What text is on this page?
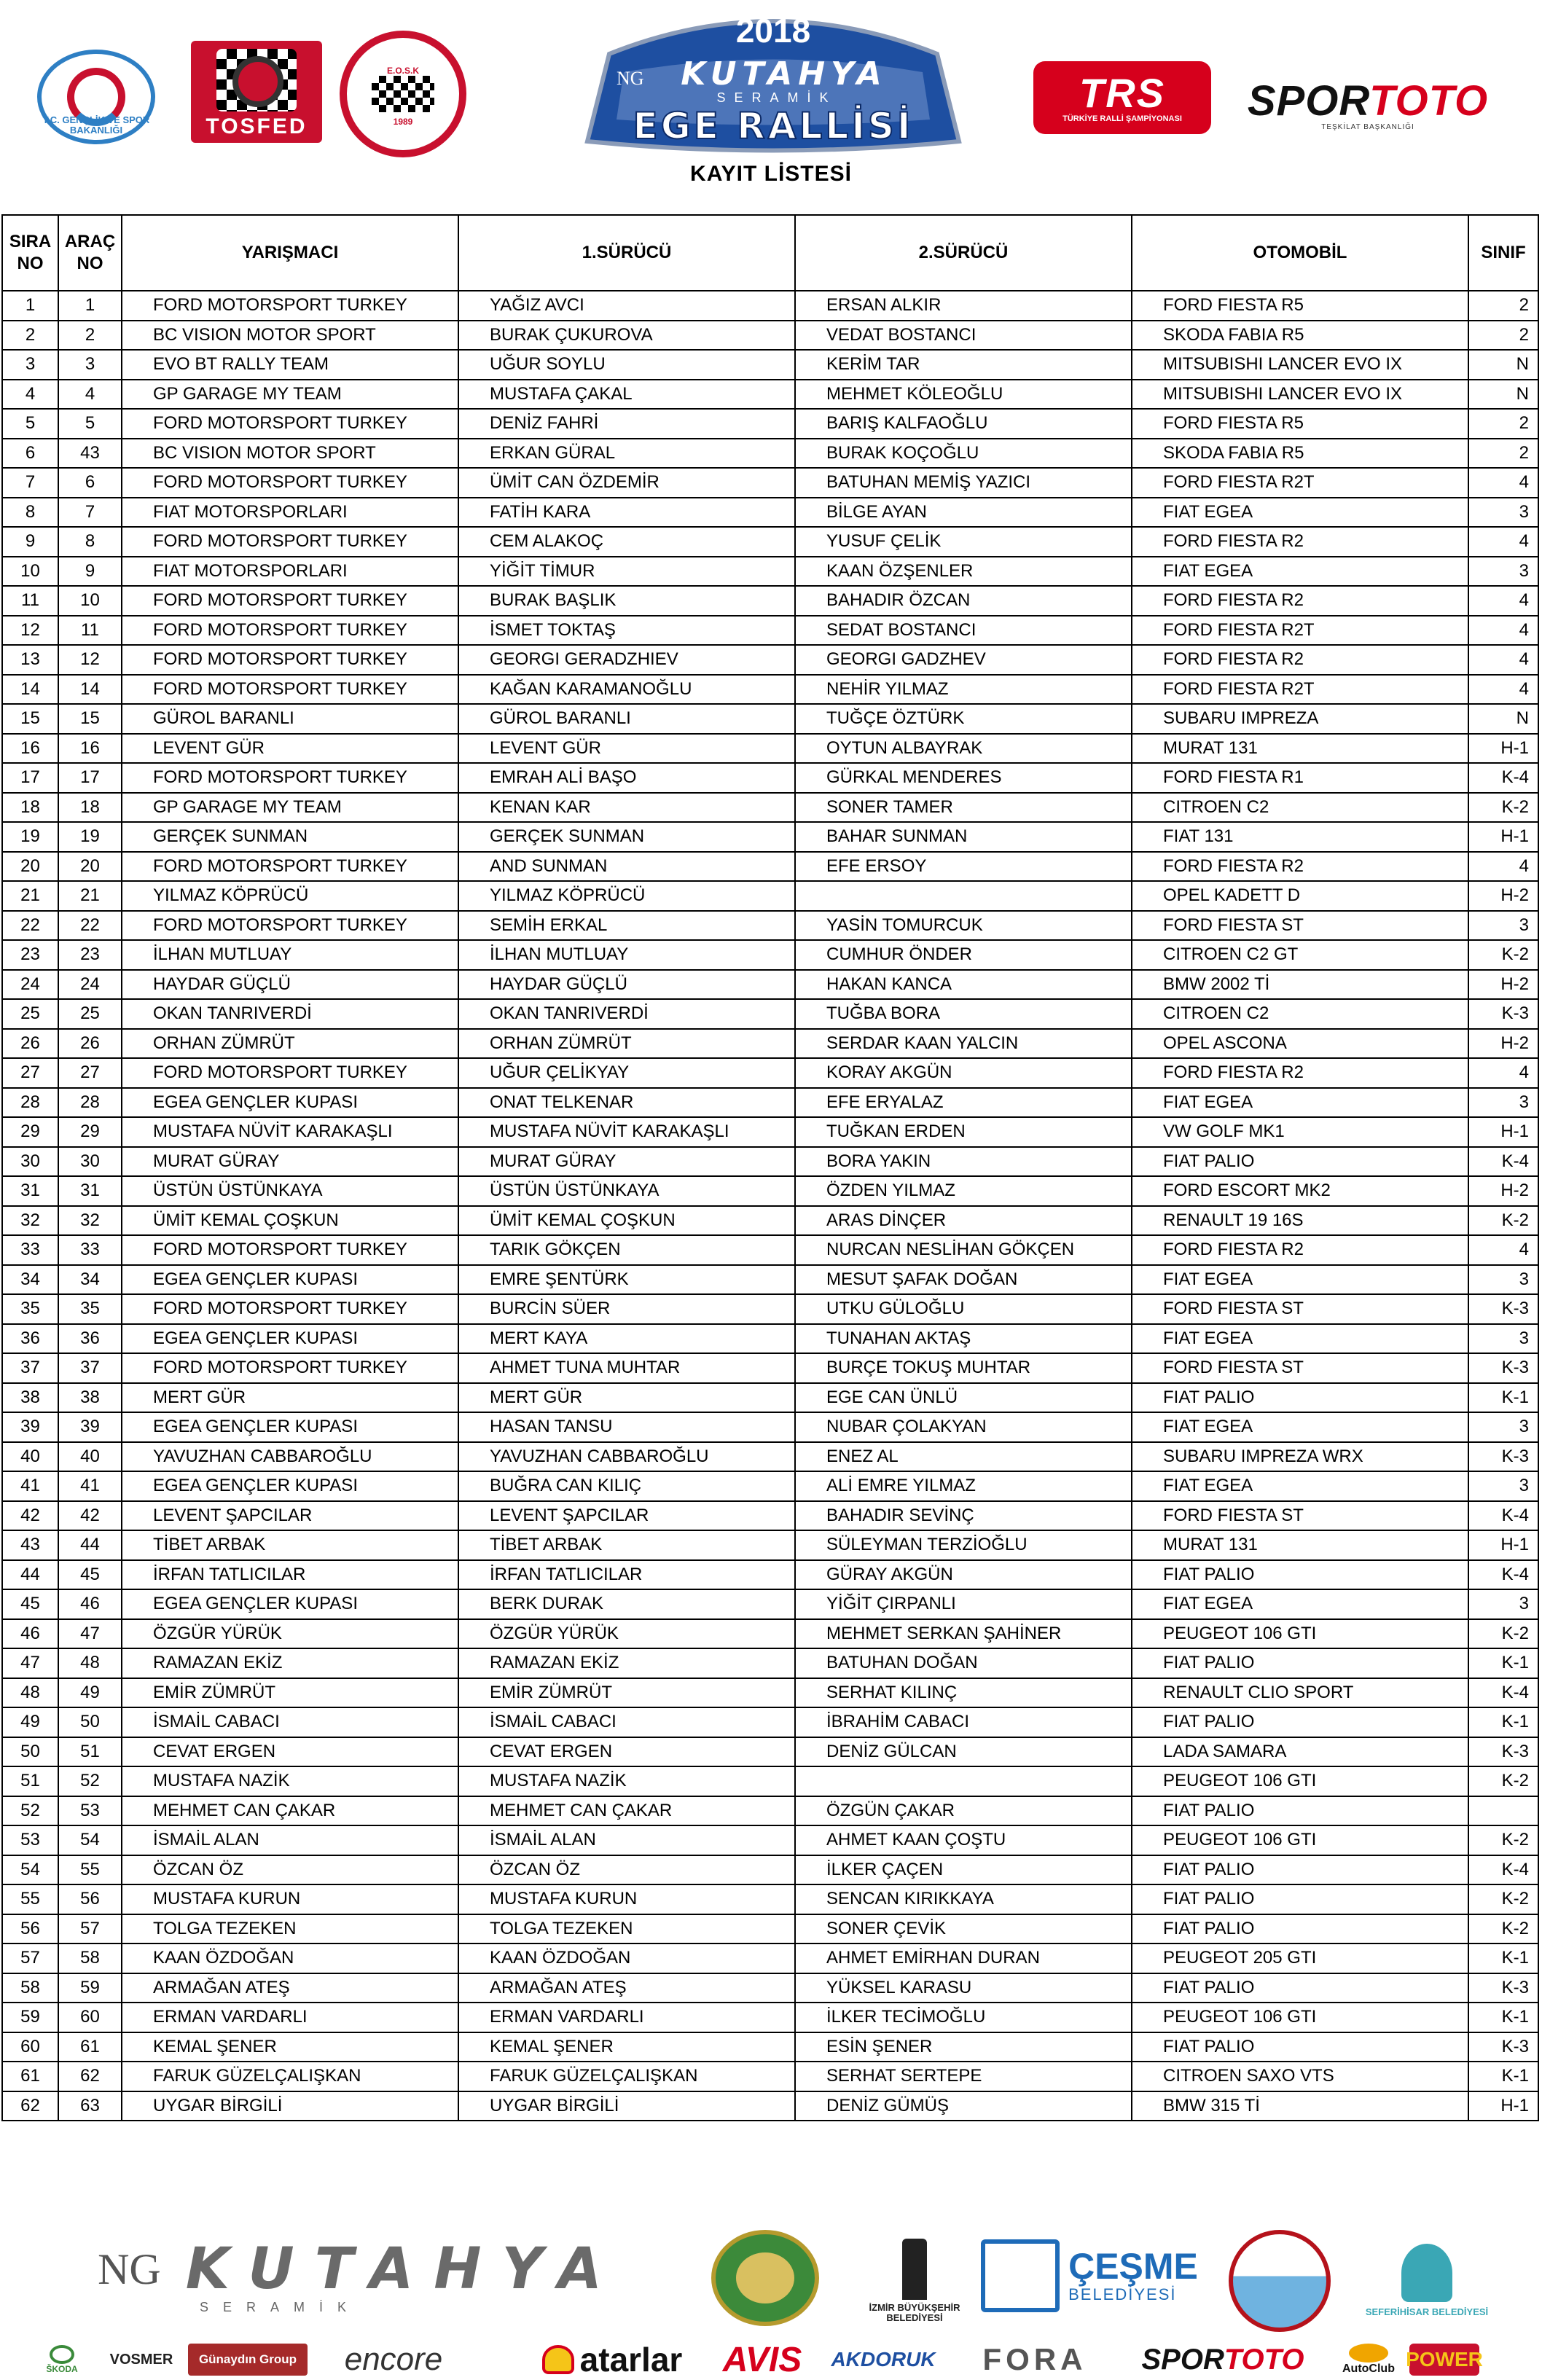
T.C. GENÇLİK VE SPOR BAKANLIĞI	TOSFED
E.O.S.K
1989
2018
NG KUTAHYA
SERAMİK
EGE RALLİSİ
TRS
TÜRKİYE RALLİ ŞAMPİYONASI SPORTOTO
TEŞKİLAT BAŞKANLIĞI
KAYIT LİSTESİ
SIRA NO	ARAÇ NO	YARIŞMACI	1.SÜRÜCÜ	2.SÜRÜCÜ	OTOMOBİL	SINIF
1	1	FORD MOTORSPORT TURKEY	YAĞIZ AVCI	ERSAN ALKIR	FORD FIESTA R5	2
2	2	BC VISION MOTOR SPORT	BURAK ÇUKUROVA	VEDAT BOSTANCI	SKODA FABIA R5	2
3	3	EVO BT RALLY TEAM	UĞUR SOYLU	KERİM TAR	MITSUBISHI LANCER EVO IX	N
4	4	GP GARAGE MY TEAM	MUSTAFA ÇAKAL	MEHMET KÖLEOĞLU	MITSUBISHI LANCER EVO IX	N
5	5	FORD MOTORSPORT TURKEY	DENİZ FAHRİ	BARIŞ KALFAOĞLU	FORD FIESTA R5	2
6	43	BC VISION MOTOR SPORT	ERKAN GÜRAL	BURAK KOÇOĞLU	SKODA FABIA R5	2
7	6	FORD MOTORSPORT TURKEY	ÜMİT CAN ÖZDEMİR	BATUHAN MEMİŞ YAZICI	FORD FIESTA R2T	4
8	7	FIAT MOTORSPORLARI	FATİH KARA	BİLGE AYAN	FIAT EGEA	3
9	8	FORD MOTORSPORT TURKEY	CEM ALAKOÇ	YUSUF ÇELİK	FORD FIESTA R2	4
10	9	FIAT MOTORSPORLARI	YİĞİT TİMUR	KAAN ÖZŞENLER	FIAT EGEA	3
11	10	FORD MOTORSPORT TURKEY	BURAK BAŞLIK	BAHADIR ÖZCAN	FORD FIESTA R2	4
12	11	FORD MOTORSPORT TURKEY	İSMET TOKTAŞ	SEDAT BOSTANCI	FORD FIESTA R2T	4
13	12	FORD MOTORSPORT TURKEY	GEORGI GERADZHIEV	GEORGI GADZHEV	FORD FIESTA R2	4
14	14	FORD MOTORSPORT TURKEY	KAĞAN KARAMANOĞLU	NEHİR YILMAZ	FORD FIESTA R2T	4
15	15	GÜROL BARANLI	GÜROL BARANLI	TUĞÇE ÖZTÜRK	SUBARU IMPREZA	N
16	16	LEVENT GÜR	LEVENT GÜR	OYTUN ALBAYRAK	MURAT 131	H-1
17	17	FORD MOTORSPORT TURKEY	EMRAH ALİ BAŞO	GÜRKAL MENDERES	FORD FIESTA R1	K-4
18	18	GP GARAGE MY TEAM	KENAN KAR	SONER TAMER	CITROEN C2	K-2
19	19	GERÇEK SUNMAN	GERÇEK SUNMAN	BAHAR SUNMAN	FIAT 131	H-1
20	20	FORD MOTORSPORT TURKEY	AND SUNMAN	EFE ERSOY	FORD FIESTA R2	4
21	21	YILMAZ KÖPRÜCÜ	YILMAZ KÖPRÜCÜ		OPEL KADETT D	H-2
22	22	FORD MOTORSPORT TURKEY	SEMİH ERKAL	YASİN TOMURCUK	FORD FIESTA ST	3
23	23	İLHAN MUTLUAY	İLHAN MUTLUAY	CUMHUR ÖNDER	CITROEN C2 GT	K-2
24	24	HAYDAR GÜÇLÜ	HAYDAR GÜÇLÜ	HAKAN KANCA	BMW 2002 Tİ	H-2
25	25	OKAN TANRIVERDİ	OKAN TANRIVERDİ	TUĞBA BORA	CITROEN C2	K-3
26	26	ORHAN ZÜMRÜT	ORHAN ZÜMRÜT	SERDAR KAAN YALCIN	OPEL ASCONA	H-2
27	27	FORD MOTORSPORT TURKEY	UĞUR ÇELİKYAY	KORAY AKGÜN	FORD FIESTA R2	4
28	28	EGEA GENÇLER KUPASI	ONAT TELKENAR	EFE ERYALAZ	FIAT EGEA	3
29	29	MUSTAFA NÜVİT KARAKAŞLI	MUSTAFA NÜVİT KARAKAŞLI	TUĞKAN ERDEN	VW GOLF MK1	H-1
30	30	MURAT GÜRAY	MURAT GÜRAY	BORA YAKIN	FIAT PALIO	K-4
31	31	ÜSTÜN ÜSTÜNKAYA	ÜSTÜN ÜSTÜNKAYA	ÖZDEN YILMAZ	FORD ESCORT MK2	H-2
32	32	ÜMİT KEMAL ÇOŞKUN	ÜMİT KEMAL ÇOŞKUN	ARAS DİNÇER	RENAULT 19 16S	K-2
33	33	FORD MOTORSPORT TURKEY	TARIK GÖKÇEN	NURCAN NESLİHAN GÖKÇEN	FORD FIESTA R2	4
34	34	EGEA GENÇLER KUPASI	EMRE ŞENTÜRK	MESUT ŞAFAK DOĞAN	FIAT EGEA	3
35	35	FORD MOTORSPORT TURKEY	BURCİN SÜER	UTKU GÜLOĞLU	FORD FIESTA ST	K-3
36	36	EGEA GENÇLER KUPASI	MERT KAYA	TUNAHAN AKTAŞ	FIAT EGEA	3
37	37	FORD MOTORSPORT TURKEY	AHMET TUNA MUHTAR	BURÇE TOKUŞ MUHTAR	FORD FIESTA ST	K-3
38	38	MERT GÜR	MERT GÜR	EGE CAN ÜNLÜ	FIAT PALIO	K-1
39	39	EGEA GENÇLER KUPASI	HASAN TANSU	NUBAR ÇOLAKYAN	FIAT EGEA	3
40	40	YAVUZHAN CABBAROĞLU	YAVUZHAN CABBAROĞLU	ENEZ AL	SUBARU IMPREZA WRX	K-3
41	41	EGEA GENÇLER KUPASI	BUĞRA CAN KILIÇ	ALİ EMRE YILMAZ	FIAT EGEA	3
42	42	LEVENT ŞAPCILAR	LEVENT ŞAPCILAR	BAHADIR SEVİNÇ	FORD FIESTA ST	K-4
43	44	TİBET ARBAK	TİBET ARBAK	SÜLEYMAN TERZİOĞLU	MURAT 131	H-1
44	45	İRFAN TATLICILAR	İRFAN TATLICILAR	GÜRAY AKGÜN	FIAT PALIO	K-4
45	46	EGEA GENÇLER KUPASI	BERK DURAK	YİĞİT ÇIRPANLI	FIAT EGEA	3
46	47	ÖZGÜR YÜRÜK	ÖZGÜR YÜRÜK	MEHMET SERKAN ŞAHİNER	PEUGEOT 106 GTI	K-2
47	48	RAMAZAN EKİZ	RAMAZAN EKİZ	BATUHAN DOĞAN	FIAT PALIO	K-1
48	49	EMİR ZÜMRÜT	EMİR ZÜMRÜT	SERHAT KILINÇ	RENAULT CLIO SPORT	K-4
49	50	İSMAİL CABACI	İSMAİL CABACI	İBRAHİM CABACI	FIAT PALIO	K-1
50	51	CEVAT ERGEN	CEVAT ERGEN	DENİZ GÜLCAN	LADA SAMARA	K-3
51	52	MUSTAFA NAZİK	MUSTAFA NAZİK		PEUGEOT 106 GTI	K-2
52	53	MEHMET CAN ÇAKAR	MEHMET CAN ÇAKAR	ÖZGÜN ÇAKAR	FIAT PALIO	
53	54	İSMAİL ALAN	İSMAİL ALAN	AHMET KAAN ÇOŞTU	PEUGEOT 106 GTI	K-2
54	55	ÖZCAN ÖZ	ÖZCAN ÖZ	İLKER ÇAÇEN	FIAT PALIO	K-4
55	56	MUSTAFA KURUN	MUSTAFA KURUN	SENCAN KIRIKKAYA	FIAT PALIO	K-2
56	57	TOLGA TEZEKEN	TOLGA TEZEKEN	SONER ÇEVİK	FIAT PALIO	K-2
57	58	KAAN ÖZDOĞAN	KAAN ÖZDOĞAN	AHMET EMİRHAN DURAN	PEUGEOT 205 GTI	K-1
58	59	ARMAĞAN ATEŞ	ARMAĞAN ATEŞ	YÜKSEL KARASU	FIAT PALIO	K-3
59	60	ERMAN VARDARLI	ERMAN VARDARLI	İLKER TECİMOĞLU	PEUGEOT 106 GTI	K-1
60	61	KEMAL ŞENER	KEMAL ŞENER	ESİN ŞENER	FIAT PALIO	K-3
61	62	FARUK GÜZELÇALIŞKAN	FARUK GÜZELÇALIŞKAN	SERHAT SERTEPE	CITROEN SAXO VTS	K-1
62	63	UYGAR BİRGİLİ	UYGAR BİRGİLİ	DENİZ GÜMÜŞ	BMW 315 Tİ	H-1
NG KUTAHYA
SERAMİK	İZMİR BÜYÜKŞEHİR BELEDİYESİ
ÇEŞME
BELEDİYESİ
SEFERİHİSAR BELEDİYESİ
ŠKODA
VOSMER	Günaydın Group	encore	atarlar AVIS AKDORUK	FORA	SPOR TOTO	AutoClub POWER
